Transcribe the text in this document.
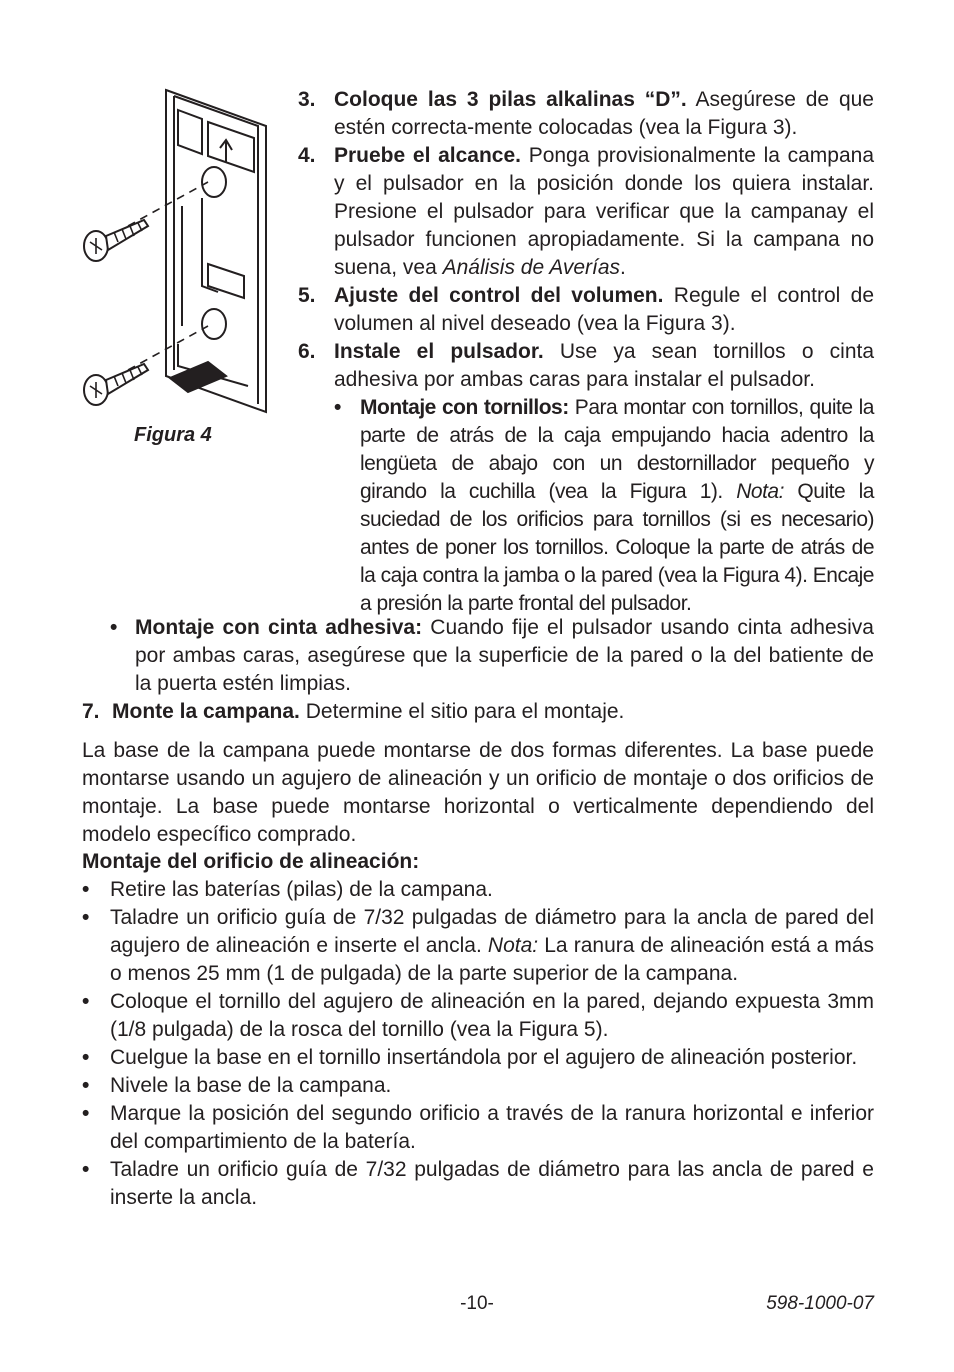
Figura 4
3. Coloque las 3 pilas alkalinas “D”. Asegúrese de que estén correcta-mente colocadas (vea la Figura 3).
4. Pruebe el alcance. Ponga provisionalmente la campana y el pulsador en la posición donde los quiera instalar. Presione el pulsador para verificar que la campanay el pulsador funcionen apropiadamente. Si la campana no suena, vea Análisis de Averías.
5. Ajuste del control del volumen. Regule el control de volumen al nivel deseado (vea la Figura 3).
6. Instale el pulsador. Use ya sean tornillos o cinta adhesiva por ambas caras para instalar el pulsador.
• Montaje con tornillos: Para montar con tornillos, quite la parte de atrás de la caja empujando hacia adentro la lengüeta de abajo con un destornillador pequeño y girando la cuchilla (vea la Figura 1). Nota: Quite la suciedad de los orificios para tornillos (si es necesario) antes de poner los tornillos. Coloque la parte de atrás de la caja contra la jamba o la pared (vea la Figura 4). Encaje a presión la parte frontal del pulsador.
• Montaje con cinta adhesiva: Cuando fije el pulsador usando cinta adhesiva por ambas caras, asegúrese que la superficie de la pared o la del batiente de la puerta estén limpias.
7. Monte la campana. Determine el sitio para el montaje.
La base de la campana puede montarse de dos formas diferentes. La base puede montarse usando un agujero de alineación y un orificio de montaje o dos orificios de montaje. La base puede montarse horizontal o verticalmente dependiendo del modelo específico comprado.
Montaje del orificio de alineación:
• Retire las baterías (pilas) de la campana.
• Taladre un orificio guía de 7/32 pulgadas de diámetro para la ancla de pared del agujero de alineación e inserte el ancla. Nota: La ranura de alineación está a más o menos 25 mm (1 de pulgada) de la parte superior de la campana.
• Coloque el tornillo del agujero de alineación en la pared, dejando expuesta 3mm (1/8 pulgada) de la rosca del tornillo (vea la Figura 5).
• Cuelgue la base en el tornillo insertándola por el agujero de alineación posterior.
• Nivele la base de la campana.
• Marque la posición del segundo orificio a través de la ranura horizontal e inferior del compartimiento de la batería.
• Taladre un orificio guía de 7/32 pulgadas de diámetro para las ancla de pared e inserte la ancla.
-10-	598-1000-07
